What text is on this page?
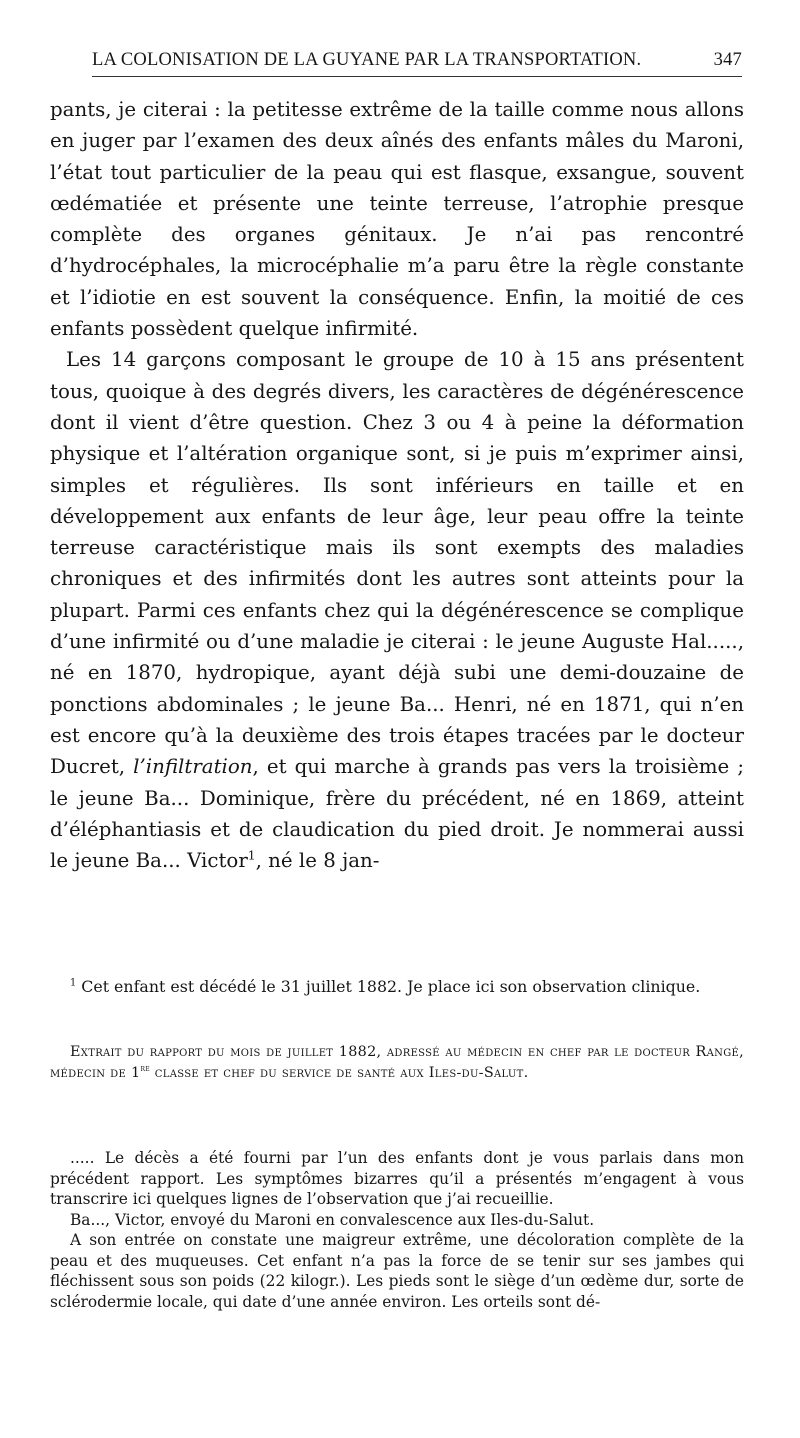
LA COLONISATION DE LA GUYANE PAR LA TRANSPORTATION.	347

pants, je citerai : la petitesse extrême de la taille comme nous allons en juger par l’examen des deux aînés des enfants mâles du Maroni, l’état tout particulier de la peau qui est flasque, exsangue, souvent œdématiée et présente une teinte terreuse, l’atrophie presque complète des organes génitaux. Je n’ai pas rencontré d’hydrocéphales, la microcéphalie m’a paru être la règle constante et l’idiotie en est souvent la conséquence. Enfin, la moitié de ces enfants possèdent quelque infirmité.

Les 14 garçons composant le groupe de 10 à 15 ans présentent tous, quoique à des degrés divers, les caractères de dégénérescence dont il vient d’être question. Chez 3 ou 4 à peine la déformation physique et l’altération organique sont, si je puis m’exprimer ainsi, simples et régulières. Ils sont inférieurs en taille et en développement aux enfants de leur âge, leur peau offre la teinte terreuse caractéristique mais ils sont exempts des maladies chroniques et des infirmités dont les autres sont atteints pour la plupart. Parmi ces enfants chez qui la dégénérescence se complique d’une infirmité ou d’une maladie je citerai : le jeune Auguste Hal....., né en 1870, hydropique, ayant déjà subi une demi-douzaine de ponctions abdominales ; le jeune Ba... Henri, né en 1871, qui n’en est encore qu’à la deuxième des trois étapes tracées par le docteur Ducret, l’infiltration, et qui marche à grands pas vers la troisième ; le jeune Ba... Dominique, frère du précédent, né en 1869, atteint d’éléphantiasis et de claudication du pied droit. Je nommerai aussi le jeune Ba... Victor$^1$, né le 8 jan-

$^1$ Cet enfant est décédé le 31 juillet 1882. Je place ici son observation clinique.
Extrait du rapport du mois de juillet 1882, adressé au médecin en chef par le docteur Rangé, médecin de 1re classe et chef du service de santé aux Iles-du-Salut.

..... Le décès a été fourni par l’un des enfants dont je vous parlais dans mon précédent rapport. Les symptômes bizarres qu’il a présentés m’engagent à vous transcrire ici quelques lignes de l’observation que j’ai recueillie.

Ba..., Victor, envoyé du Maroni en convalescence aux Iles-du-Salut.

A son entrée on constate une maigreur extrême, une décoloration complète de la peau et des muqueuses. Cet enfant n’a pas la force de se tenir sur ses jambes qui fléchissent sous son poids (22 kilogr.). Les pieds sont le siège d’un œdème dur, sorte de sclérodermie locale, qui date d’une année environ. Les orteils sont dé-
